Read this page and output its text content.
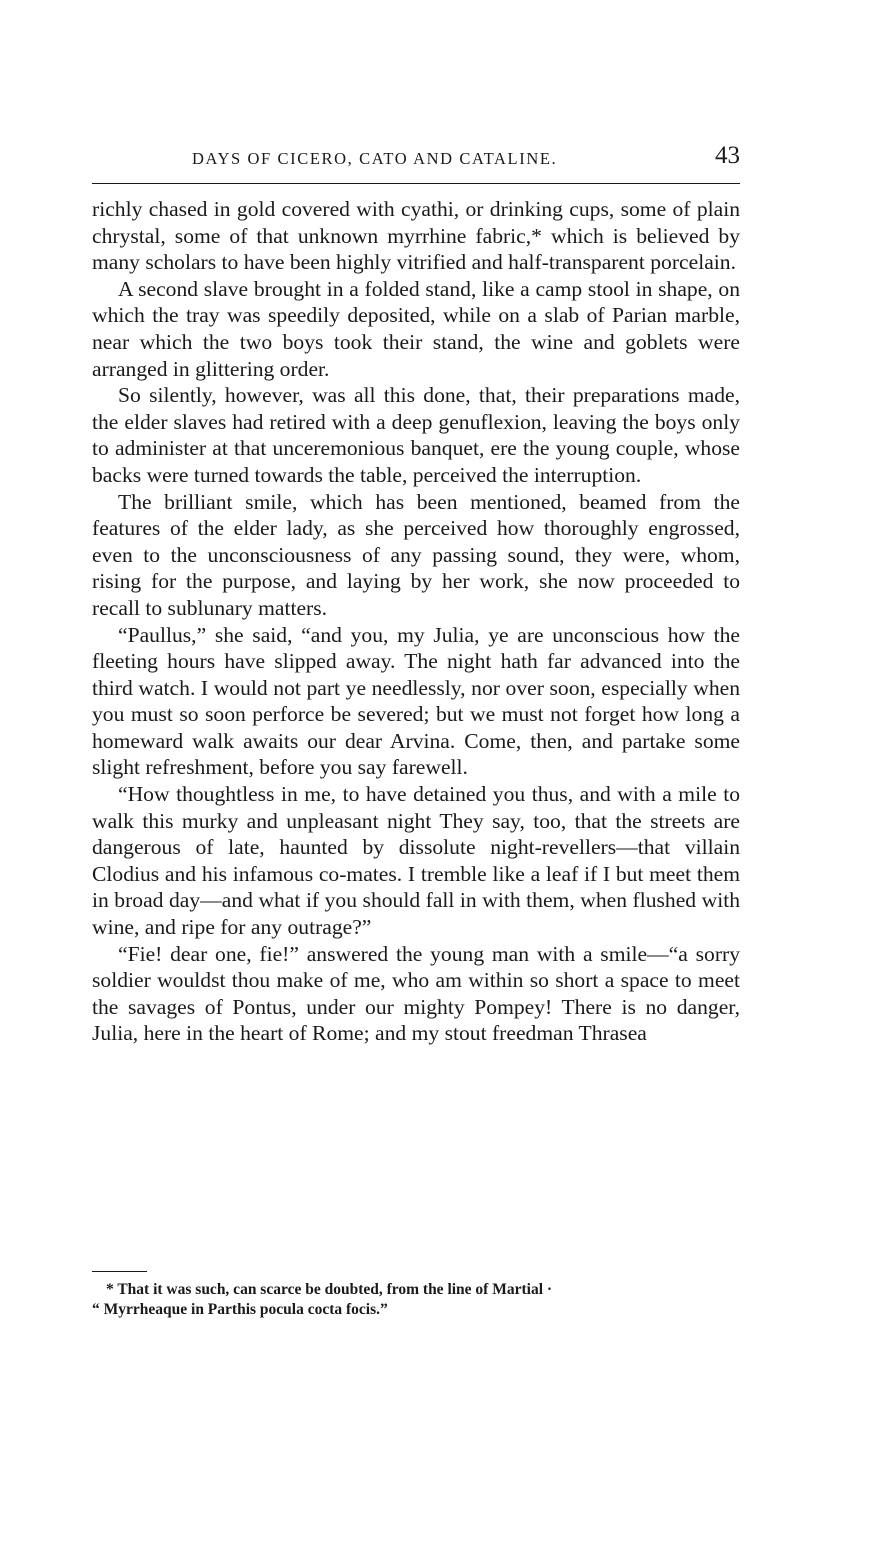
DAYS OF CICERO, CATO AND CATALINE.	43

richly chased in gold covered with cyathi, or drinking cups, some of plain chrystal, some of that unknown myrrhine fabric,* which is believed by many scholars to have been highly vitrified and half-transparent porcelain.

A second slave brought in a folded stand, like a camp stool in shape, on which the tray was speedily deposited, while on a slab of Parian marble, near which the two boys took their stand, the wine and goblets were arranged in glittering order.

So silently, however, was all this done, that, their preparations made, the elder slaves had retired with a deep genuflexion, leaving the boys only to administer at that unceremonious banquet, ere the young couple, whose backs were turned towards the table, perceived the interruption.

The brilliant smile, which has been mentioned, beamed from the features of the elder lady, as she perceived how thoroughly engrossed, even to the unconsciousness of any passing sound, they were, whom, rising for the purpose, and laying by her work, she now proceeded to recall to sublunary matters.

“Paullus,” she said, “and you, my Julia, ye are unconscious how the fleeting hours have slipped away. The night hath far advanced into the third watch. I would not part ye needlessly, nor over soon, especially when you must so soon perforce be severed; but we must not forget how long a homeward walk awaits our dear Arvina. Come, then, and partake some slight refreshment, before you say farewell.

“How thoughtless in me, to have detained you thus, and with a mile to walk this murky and unpleasant night They say, too, that the streets are dangerous of late, haunted by dissolute night-revellers—that villain Clodius and his infamous co-mates. I tremble like a leaf if I but meet them in broad day—and what if you should fall in with them, when flushed with wine, and ripe for any outrage?”

“Fie! dear one, fie!” answered the young man with a smile—“a sorry soldier wouldst thou make of me, who am within so short a space to meet the savages of Pontus, under our mighty Pompey! There is no danger, Julia, here in the heart of Rome; and my stout freedman Thrasea

* That it was such, can scarce be doubted, from the line of Martial ·

“ Myrrheaque in Parthis pocula cocta focis.”
